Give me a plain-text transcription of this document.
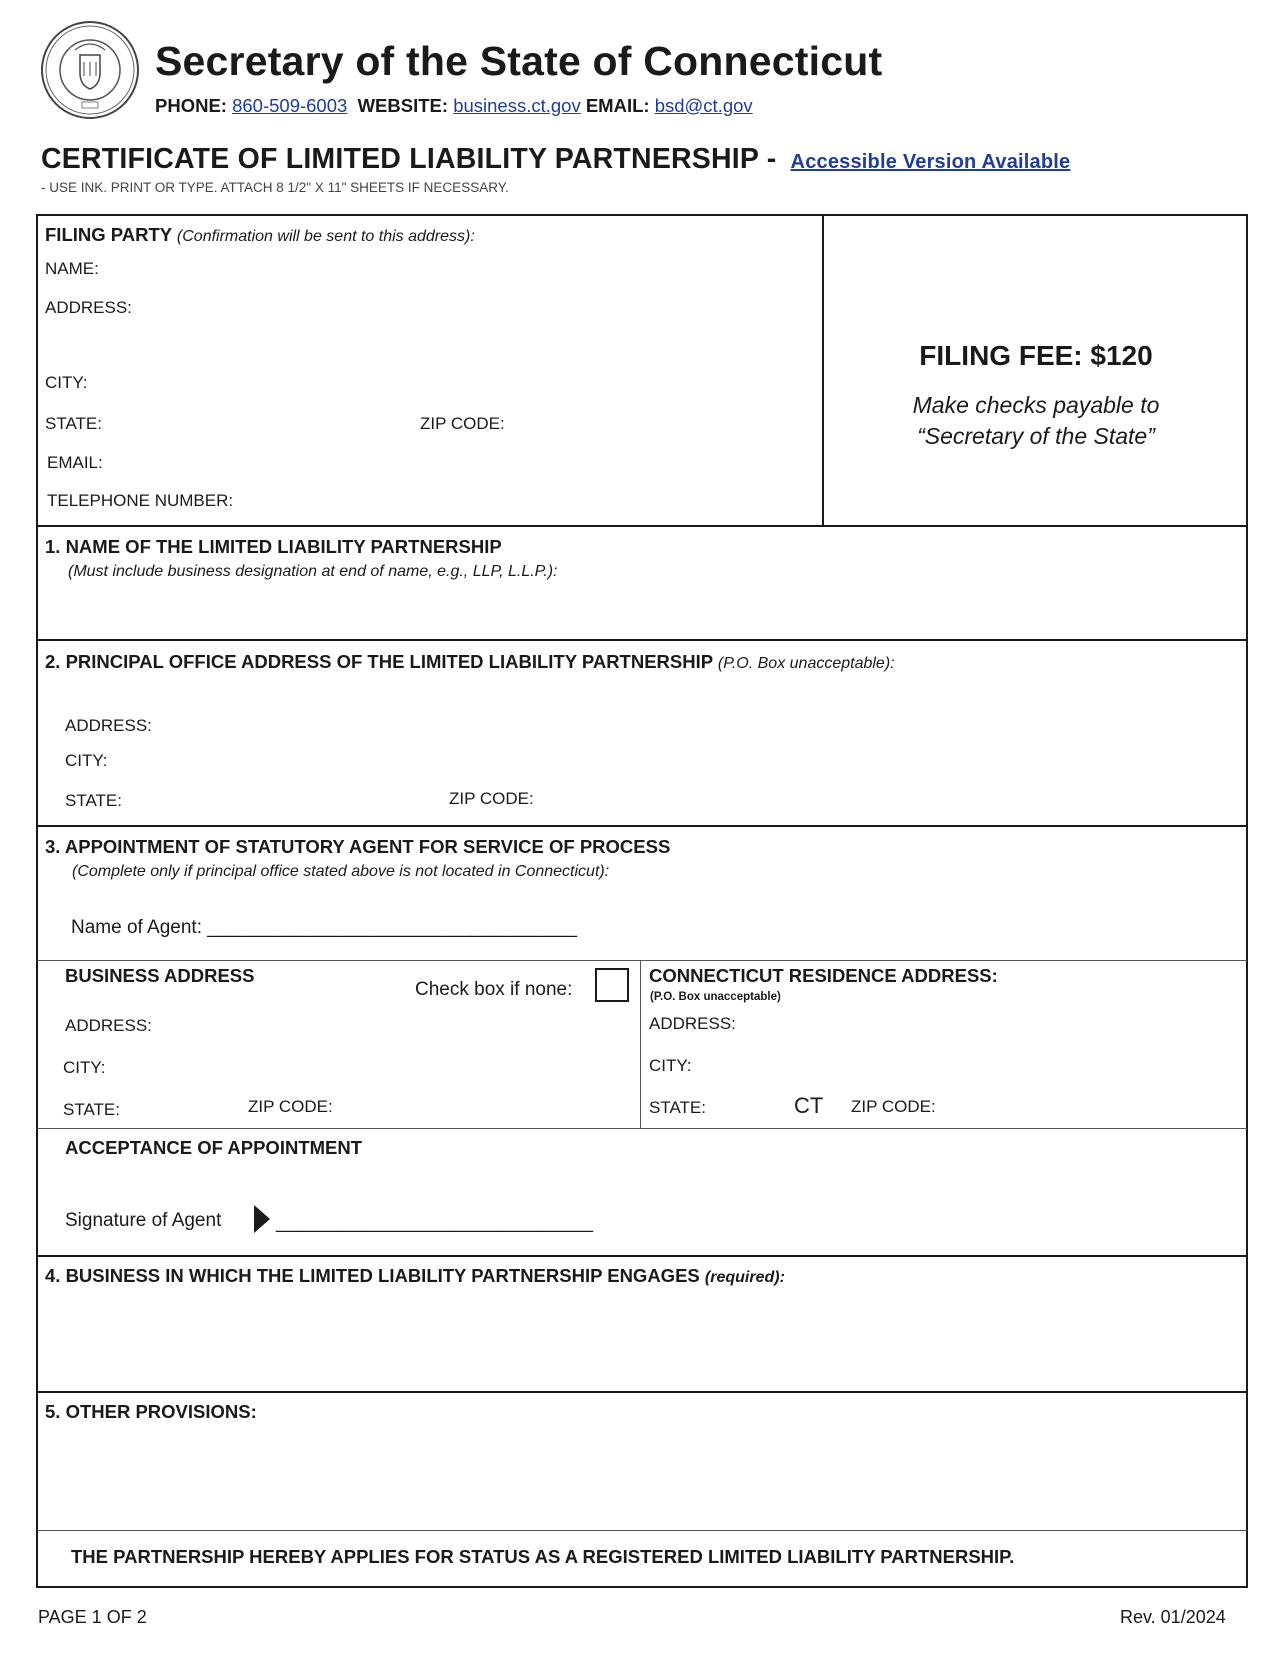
Secretary of the State of Connecticut
PHONE: 860-509-6003 WEBSITE: business.ct.gov EMAIL: bsd@ct.gov
CERTIFICATE OF LIMITED LIABILITY PARTNERSHIP - Accessible Version Available
- USE INK. PRINT OR TYPE. ATTACH 8 1/2" X 11" SHEETS IF NECESSARY.
FILING PARTY (Confirmation will be sent to this address):
NAME:
ADDRESS:
CITY:
STATE:	ZIP CODE:
EMAIL:
TELEPHONE NUMBER:
FILING FEE: $120
Make checks payable to
“Secretary of the State”
1. NAME OF THE LIMITED LIABILITY PARTNERSHIP
(Must include business designation at end of name, e.g., LLP, L.L.P.):
2. PRINCIPAL OFFICE ADDRESS OF THE LIMITED LIABILITY PARTNERSHIP (P.O. Box unacceptable):
ADDRESS:
CITY:
STATE:	ZIP CODE:
3. APPOINTMENT OF STATUTORY AGENT FOR SERVICE OF PROCESS
(Complete only if principal office stated above is not located in Connecticut):
Name of Agent: ___________________________________
BUSINESS ADDRESS
Check box if none:
ADDRESS:
CITY:
STATE:	ZIP CODE:
CONNECTICUT RESIDENCE ADDRESS:
(P.O. Box unacceptable)
ADDRESS:
CITY:
STATE:	CT ZIP CODE:
ACCEPTANCE OF APPOINTMENT
Signature of Agent	______________________________
4. BUSINESS IN WHICH THE LIMITED LIABILITY PARTNERSHIP ENGAGES (required):
5. OTHER PROVISIONS:
THE PARTNERSHIP HEREBY APPLIES FOR STATUS AS A REGISTERED LIMITED LIABILITY PARTNERSHIP.
PAGE 1 OF 2	Rev. 01/2024
